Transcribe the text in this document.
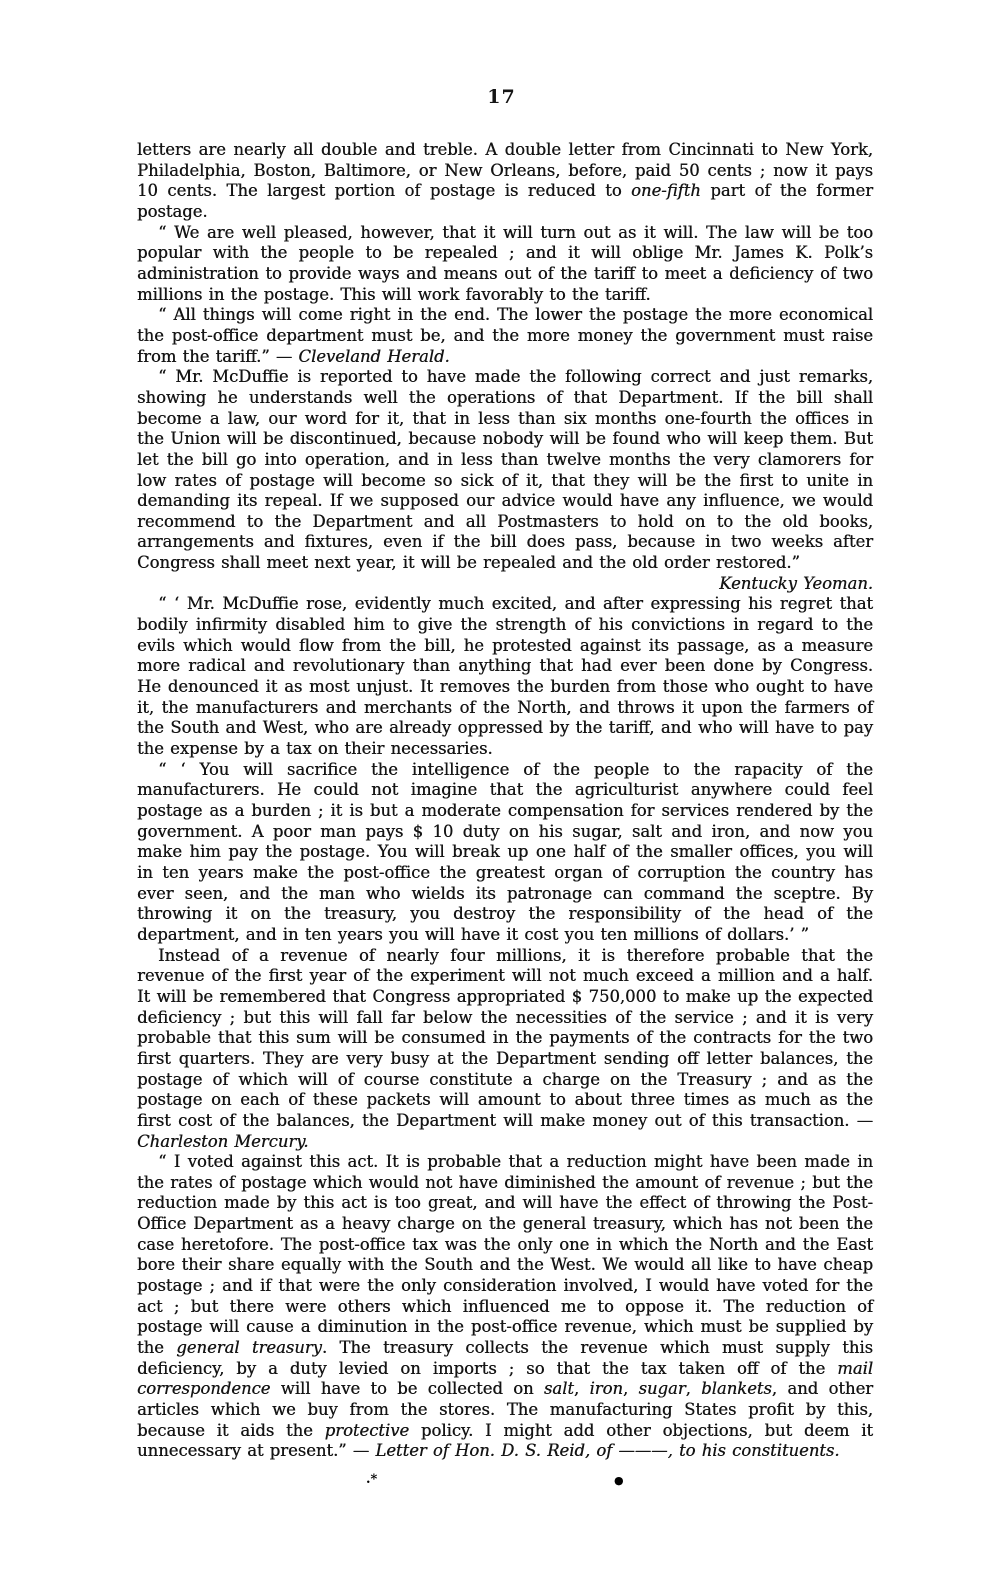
17

letters are nearly all double and treble. A double letter from Cincinnati to New York, Philadelphia, Boston, Baltimore, or New Orleans, before, paid 50 cents ; now it pays 10 cents. The largest portion of postage is reduced to one-fifth part of the former postage.

“ We are well pleased, however, that it will turn out as it will. The law will be too popular with the people to be repealed ; and it will oblige Mr. James K. Polk’s administration to provide ways and means out of the tariff to meet a deficiency of two millions in the postage. This will work favorably to the tariff.

“ All things will come right in the end. The lower the postage the more economical the post-office department must be, and the more money the government must raise from the tariff.” — Cleveland Herald.

“ Mr. McDuffie is reported to have made the following correct and just remarks, showing he understands well the operations of that Department. If the bill shall become a law, our word for it, that in less than six months one-fourth the offices in the Union will be discontinued, because nobody will be found who will keep them. But let the bill go into operation, and in less than twelve months the very clamorers for low rates of postage will become so sick of it, that they will be the first to unite in demanding its repeal. If we supposed our advice would have any influence, we would recommend to the Department and all Postmasters to hold on to the old books, arrangements and fixtures, even if the bill does pass, because in two weeks after Congress shall meet next year, it will be repealed and the old order restored.”

Kentucky Yeoman.

“ ‘ Mr. McDuffie rose, evidently much excited, and after expressing his regret that bodily infirmity disabled him to give the strength of his convictions in regard to the evils which would flow from the bill, he protested against its passage, as a measure more radical and revolutionary than anything that had ever been done by Congress. He denounced it as most unjust. It removes the burden from those who ought to have it, the manufacturers and merchants of the North, and throws it upon the farmers of the South and West, who are already oppressed by the tariff, and who will have to pay the expense by a tax on their necessaries.

“ ‘ You will sacrifice the intelligence of the people to the rapacity of the manufacturers. He could not imagine that the agriculturist anywhere could feel postage as a burden ; it is but a moderate compensation for services rendered by the government. A poor man pays $ 10 duty on his sugar, salt and iron, and now you make him pay the postage. You will break up one half of the smaller offices, you will in ten years make the post-office the greatest organ of corruption the country has ever seen, and the man who wields its patronage can command the sceptre. By throwing it on the treasury, you destroy the responsibility of the head of the department, and in ten years you will have it cost you ten millions of dollars.’ ”

Instead of a revenue of nearly four millions, it is therefore probable that the revenue of the first year of the experiment will not much exceed a million and a half. It will be remembered that Congress appropriated $ 750,000 to make up the expected deficiency ; but this will fall far below the necessities of the service ; and it is very probable that this sum will be consumed in the payments of the contracts for the two first quarters. They are very busy at the Department sending off letter balances, the postage of which will of course constitute a charge on the Treasury ; and as the postage on each of these packets will amount to about three times as much as the first cost of the balances, the Department will make money out of this transaction. — Charleston Mercury.

“ I voted against this act. It is probable that a reduction might have been made in the rates of postage which would not have diminished the amount of revenue ; but the reduction made by this act is too great, and will have the effect of throwing the Post-Office Department as a heavy charge on the general treasury, which has not been the case heretofore. The post-office tax was the only one in which the North and the East bore their share equally with the South and the West. We would all like to have cheap postage ; and if that were the only consideration involved, I would have voted for the act ; but there were others which influenced me to oppose it. The reduction of postage will cause a diminution in the post-office revenue, which must be supplied by the general treasury. The treasury collects the revenue which must supply this deficiency, by a duty levied on imports ; so that the tax taken off of the mail correspondence will have to be collected on salt, iron, sugar, blankets, and other articles which we buy from the stores. The manufacturing States profit by this, because it aids the protective policy. I might add other objections, but deem it unnecessary at present.” — Letter of Hon. D. S. Reid, of ———, to his constituents.

.*	●
